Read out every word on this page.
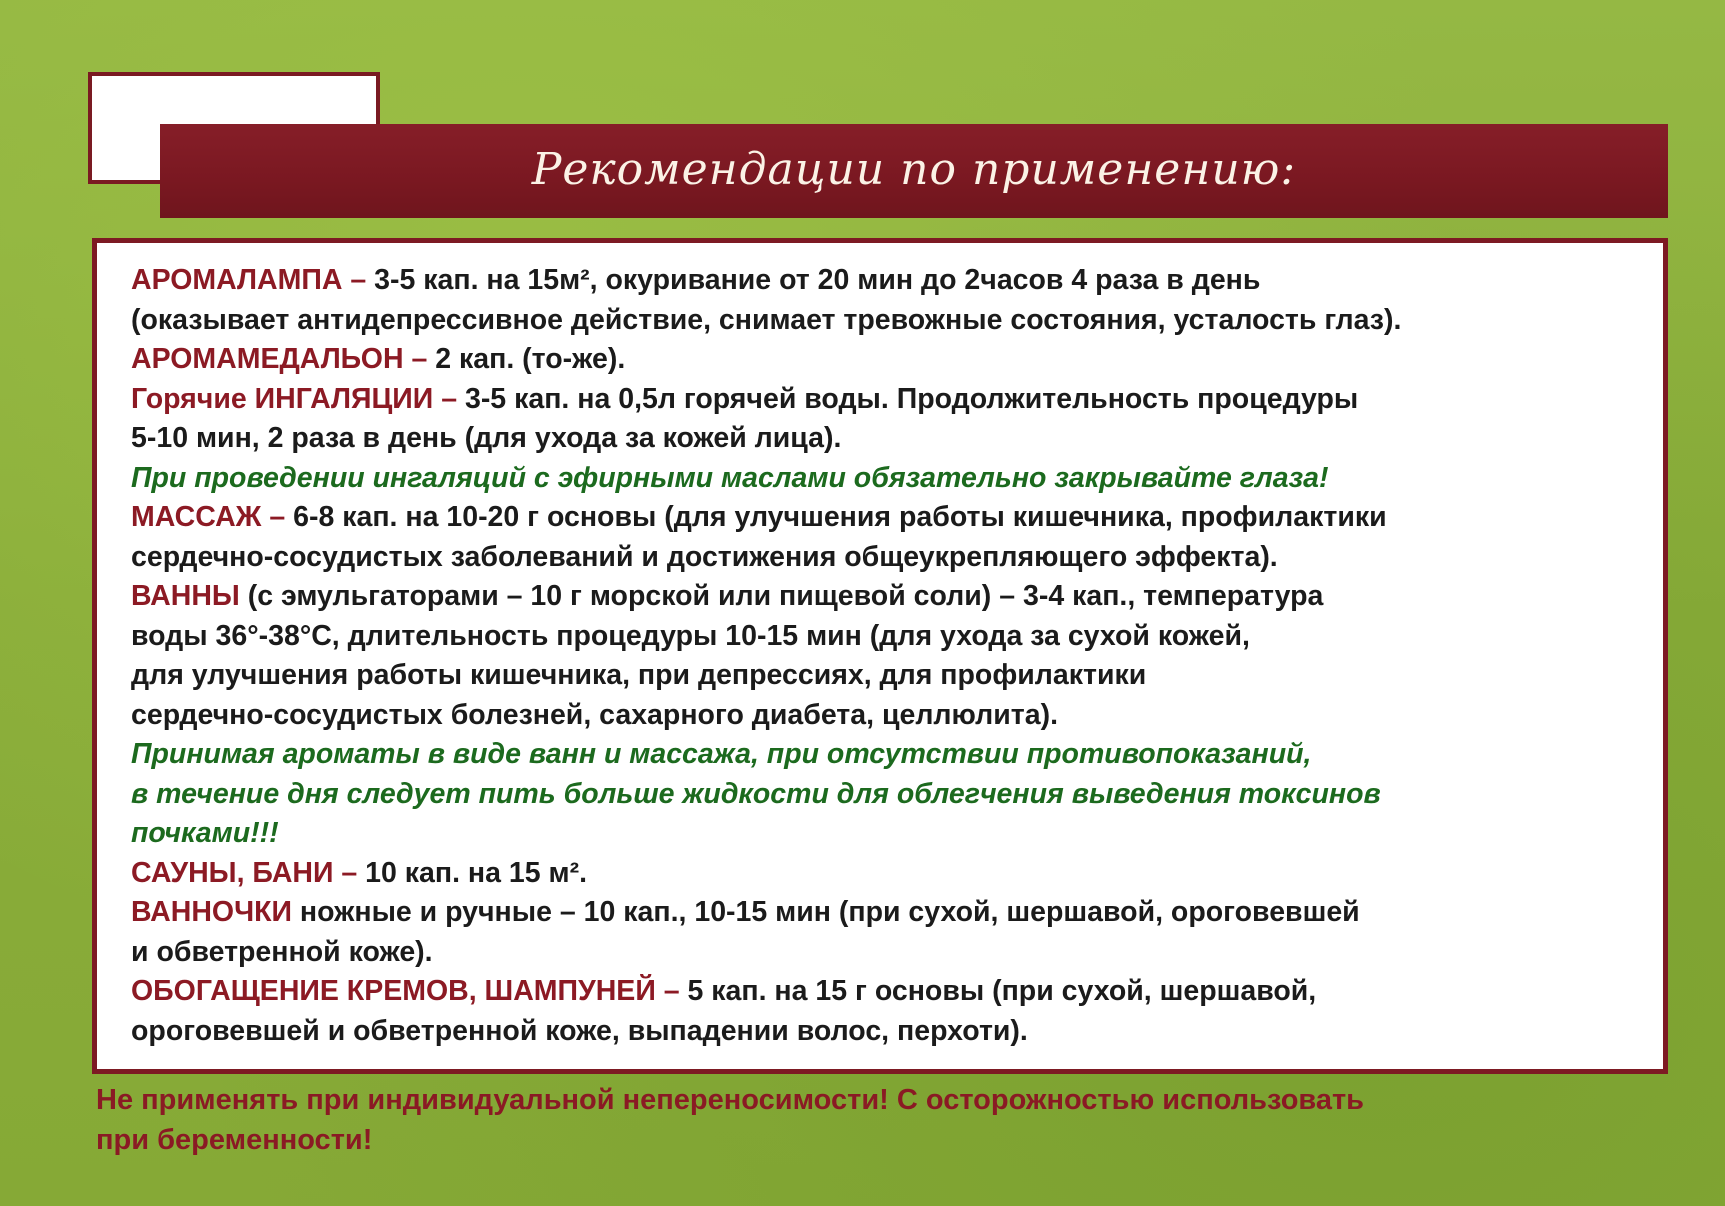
Рекомендации по применению:
АРОМАЛАМПА – 3-5 кап. на 15м², окуривание от 20 мин до 2часов 4 раза в день
(оказывает антидепрессивное действие, снимает тревожные состояния, усталость глаз).
АРОМАМЕДАЛЬОН – 2 кап. (то-же).
Горячие ИНГАЛЯЦИИ – 3-5 кап. на 0,5л горячей воды. Продолжительность процедуры
5-10 мин, 2 раза в день (для ухода за кожей лица).
При проведении ингаляций с эфирными маслами обязательно закрывайте глаза!
МАССАЖ – 6-8 кап. на 10-20 г основы (для улучшения работы кишечника, профилактики
сердечно-сосудистых заболеваний и достижения общеукрепляющего эффекта).
ВАННЫ (с эмульгаторами – 10 г морской или пищевой соли) – 3-4 кап., температура
воды 36°-38°С, длительность процедуры 10-15 мин (для ухода за сухой кожей,
для улучшения работы кишечника, при депрессиях, для профилактики
сердечно-сосудистых болезней, сахарного диабета, целлюлита).
Принимая ароматы в виде ванн и массажа, при отсутствии противопоказаний,
в течение дня следует пить больше жидкости для облегчения выведения токсинов
почками!!!
САУНЫ, БАНИ – 10 кап. на 15 м².
ВАННОЧКИ ножные и ручные – 10 кап., 10-15 мин (при сухой, шершавой, ороговевшей
и обветренной коже).
ОБОГАЩЕНИЕ КРЕМОВ, ШАМПУНЕЙ – 5 кап. на 15 г основы (при сухой, шершавой,
ороговевшей и обветренной коже, выпадении волос, перхоти).
Не применять при индивидуальной непереносимости! С осторожностью использовать
при беременности!
